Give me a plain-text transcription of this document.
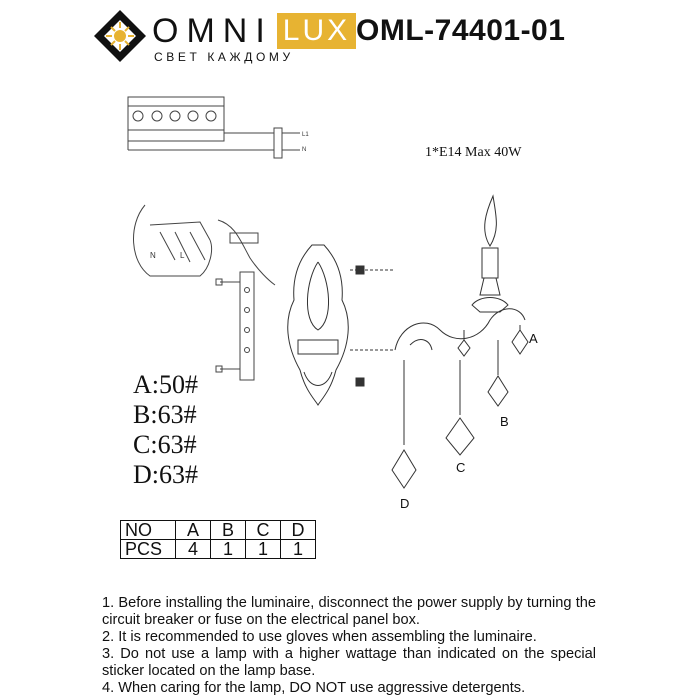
OMNI LUX
СВЕТ КАЖДОМУ
OML-74401-01
1*E14 Max 40W
L1
N
N	L
A
B
C
D
A:50#
B:63#
C:63#
D:63#
NO	A	B	C	D
PCS	4	1	1	1
1. Before installing the luminaire, disconnect the power supply by turning the circuit breaker or fuse on the electrical panel box.
2. It is recommended to use gloves when assembling the luminaire.
3. Do not use a lamp with a higher wattage than indicated on the special sticker located on the lamp base.
4. When caring for the lamp, DO NOT use aggressive detergents.
